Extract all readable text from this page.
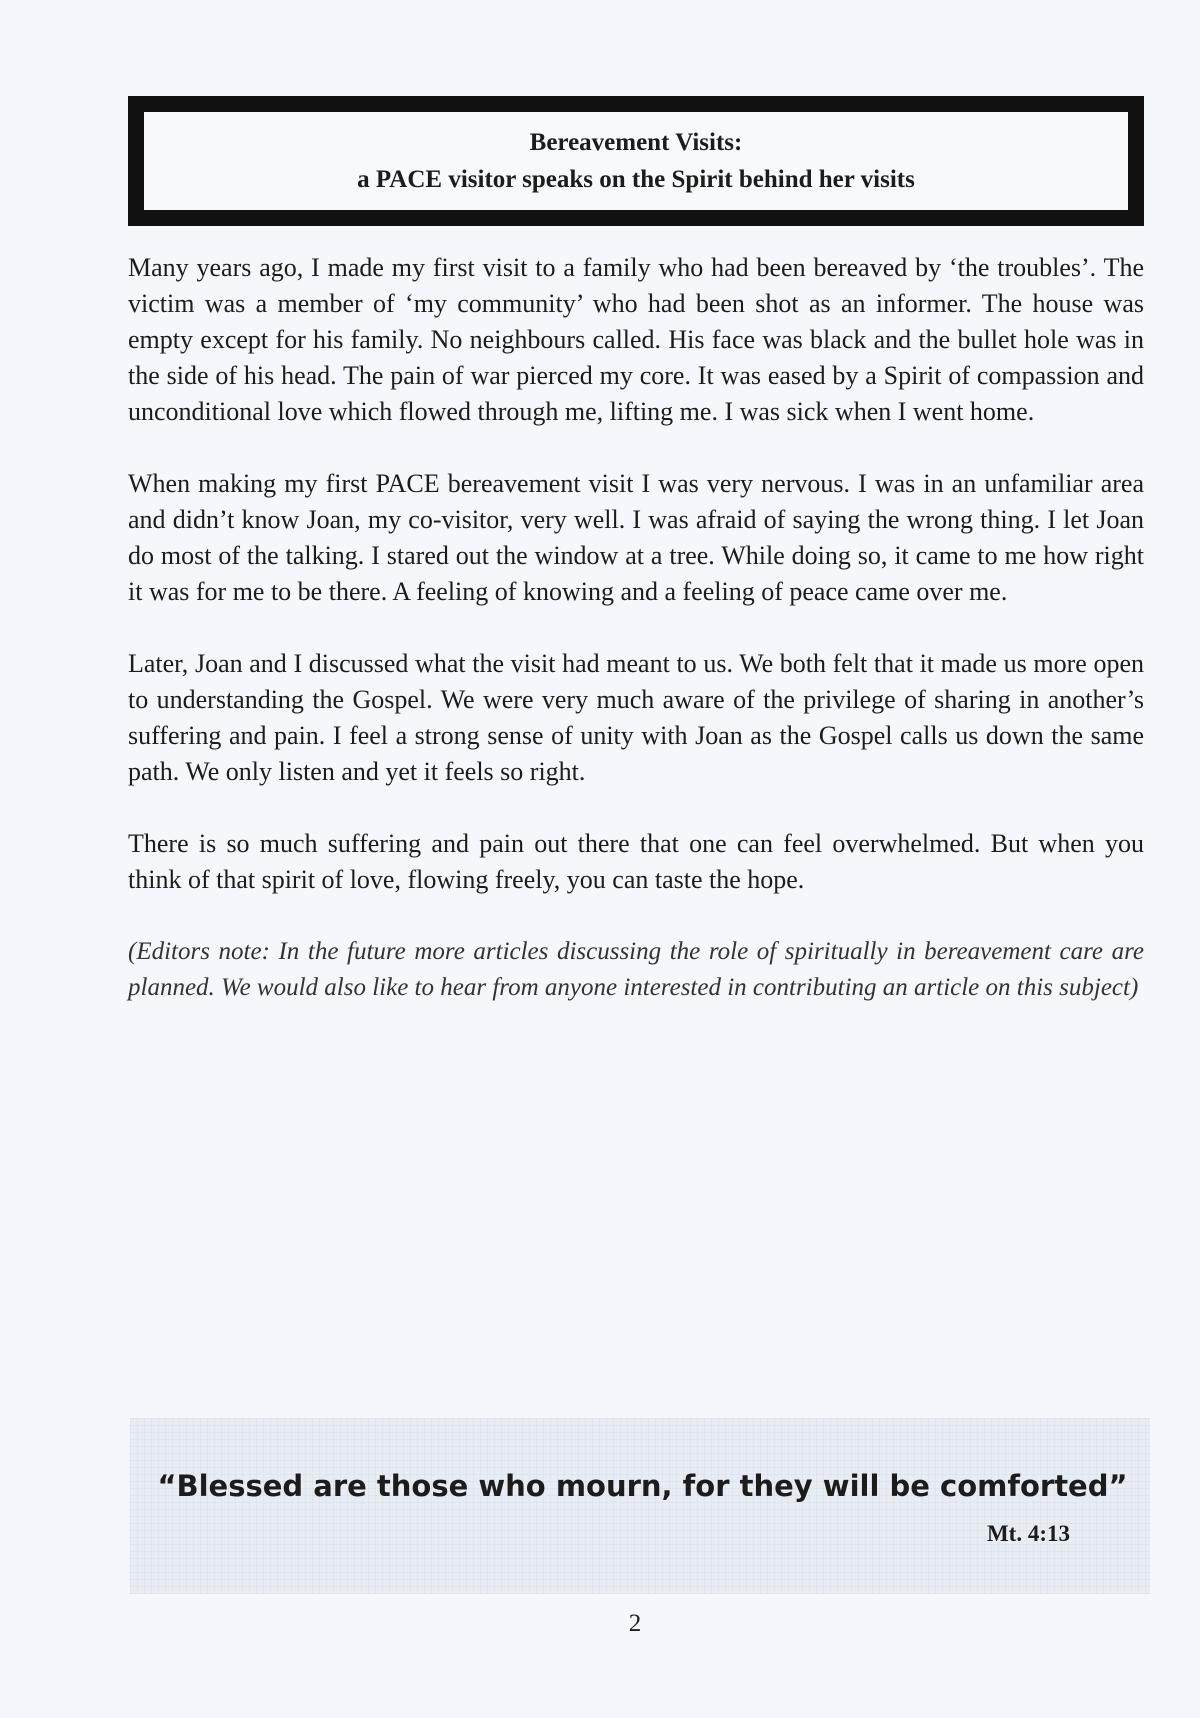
Bereavement Visits:
a PACE visitor speaks on the Spirit behind her visits

Many years ago, I made my first visit to a family who had been bereaved by ‘the troubles’. The victim was a member of ‘my community’ who had been shot as an informer. The house was empty except for his family. No neighbours called. His face was black and the bullet hole was in the side of his head. The pain of war pierced my core. It was eased by a Spirit of compassion and unconditional love which flowed through me, lifting me. I was sick when I went home.

When making my first PACE bereavement visit I was very nervous. I was in an unfamiliar area and didn’t know Joan, my co-visitor, very well. I was afraid of saying the wrong thing. I let Joan do most of the talking. I stared out the window at a tree. While doing so, it came to me how right it was for me to be there. A feeling of knowing and a feeling of peace came over me.

Later, Joan and I discussed what the visit had meant to us. We both felt that it made us more open to understanding the Gospel. We were very much aware of the privilege of sharing in another’s suffering and pain. I feel a strong sense of unity with Joan as the Gospel calls us down the same path. We only listen and yet it feels so right.

There is so much suffering and pain out there that one can feel overwhelmed. But when you think of that spirit of love, flowing freely, you can taste the hope.

(Editors note: In the future more articles discussing the role of spiritually in bereavement care are planned. We would also like to hear from anyone interested in contributing an article on this subject)

“Blessed are those who mourn, for they will be comforted”
Mt. 4:13
2
